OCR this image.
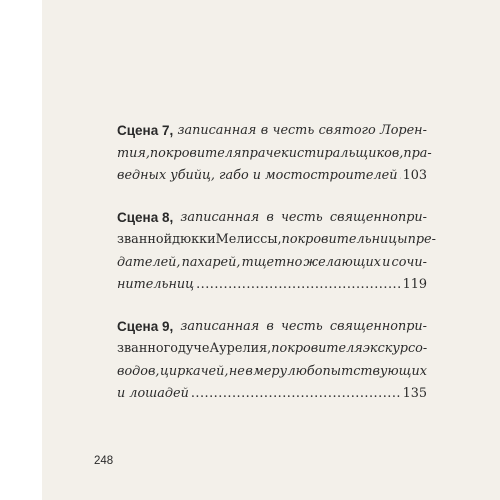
Сцена 7, записанная в честь святого Лорен-
тия, покровителя прачек и стиральщиков, пра-
ведных убийц, габо и мостостроителей ..... 103
Сцена 8, записанная в честь священнопри-
званной дюкки Мелиссы, покровительницы пре-
дателей, пахарей, тщетно желающих и сочи-
нительниц .....	119
Сцена 9, записанная в честь священнопри-
званного дуче Аурелия, покровителя экскурсо-
водов, циркачей, не в меру любопытствующих
и лошадей .....	135
248
